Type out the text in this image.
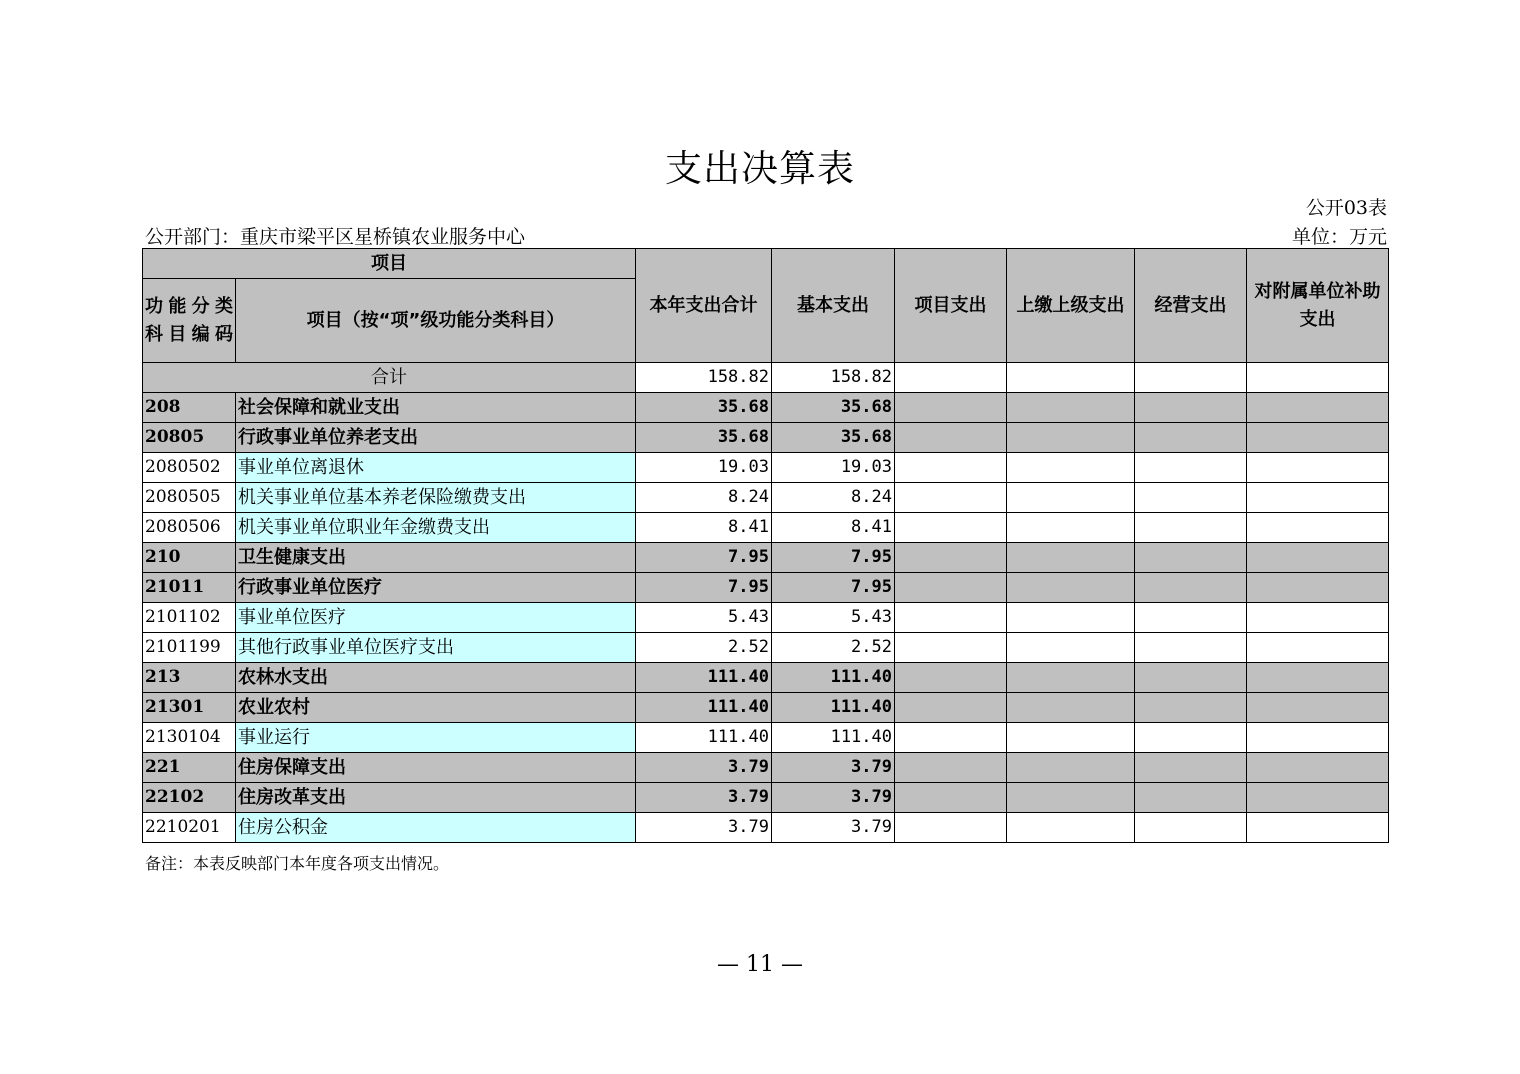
支出决算表
公开03表
公开部门：重庆市梁平区星桥镇农业服务中心	单位：万元
项目		本年支出合计	基本支出	项目支出	上缴上级支出	经营支出	对附属单位补助支出
功能分类科目编码	项目（按“项”级功能分类科目）						
合计		158.82	158.82				
208	社会保障和就业支出	35.68	35.68				
20805	行政事业单位养老支出	35.68	35.68				
2080502	事业单位离退休	19.03	19.03				
2080505	机关事业单位基本养老保险缴费支出	8.24	8.24				
2080506	机关事业单位职业年金缴费支出	8.41	8.41				
210	卫生健康支出	7.95	7.95				
21011	行政事业单位医疗	7.95	7.95				
2101102	事业单位医疗	5.43	5.43				
2101199	其他行政事业单位医疗支出	2.52	2.52				
213	农林水支出	111.40	111.40				
21301	农业农村	111.40	111.40				
2130104	事业运行	111.40	111.40				
221	住房保障支出	3.79	3.79				
22102	住房改革支出	3.79	3.79				
2210201	住房公积金	3.79	3.79				
备注：本表反映部门本年度各项支出情况。
— 11 —
